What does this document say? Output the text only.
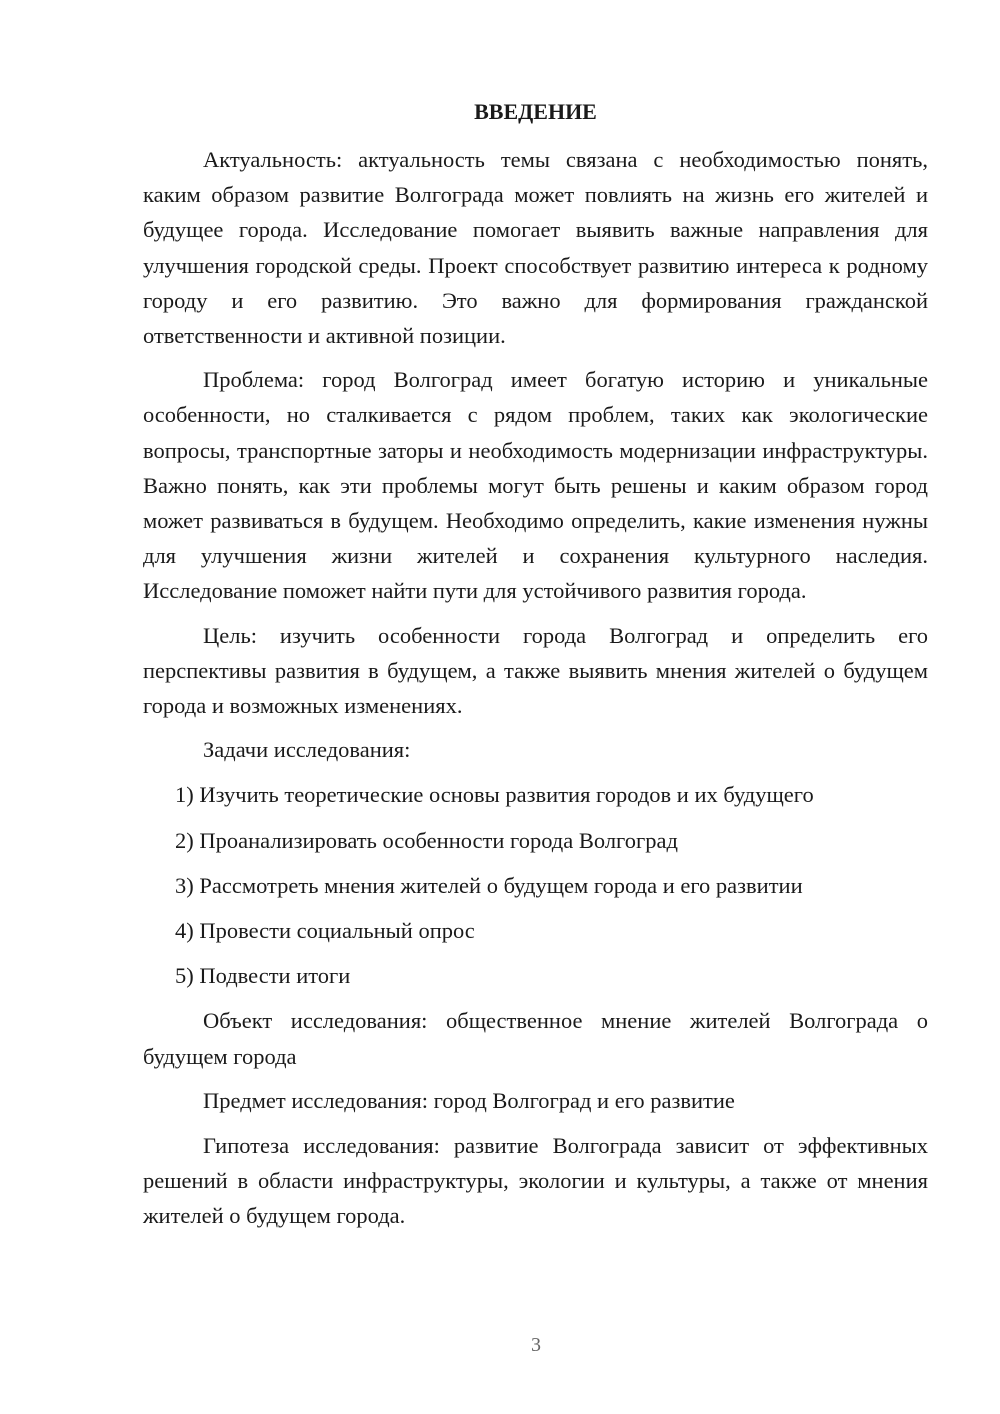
ВВЕДЕНИЕ

Актуальность: актуальность темы связана с необходимостью понять, каким образом развитие Волгограда может повлиять на жизнь его жителей и будущее города. Исследование помогает выявить важные направления для улучшения городской среды. Проект способствует развитию интереса к родному городу и его развитию. Это важно для формирования гражданской ответственности и активной позиции.

Проблема: город Волгоград имеет богатую историю и уникальные особенности, но сталкивается с рядом проблем, таких как экологические вопросы, транспортные заторы и необходимость модернизации инфраструктуры. Важно понять, как эти проблемы могут быть решены и каким образом город может развиваться в будущем. Необходимо определить, какие изменения нужны для улучшения жизни жителей и сохранения культурного наследия. Исследование поможет найти пути для устойчивого развития города.

Цель: изучить особенности города Волгоград и определить его перспективы развития в будущем, а также выявить мнения жителей о будущем города и возможных изменениях.

Задачи исследования:

1) Изучить теоретические основы развития городов и их будущего
2) Проанализировать особенности города Волгоград
3) Рассмотреть мнения жителей о будущем города и его развитии
4) Провести социальный опрос
5) Подвести итоги

Объект исследования: общественное мнение жителей Волгограда о будущем города

Предмет исследования: город Волгоград и его развитие

Гипотеза исследования: развитие Волгограда зависит от эффективных решений в области инфраструктуры, экологии и культуры, а также от мнения жителей о будущем города.

3
